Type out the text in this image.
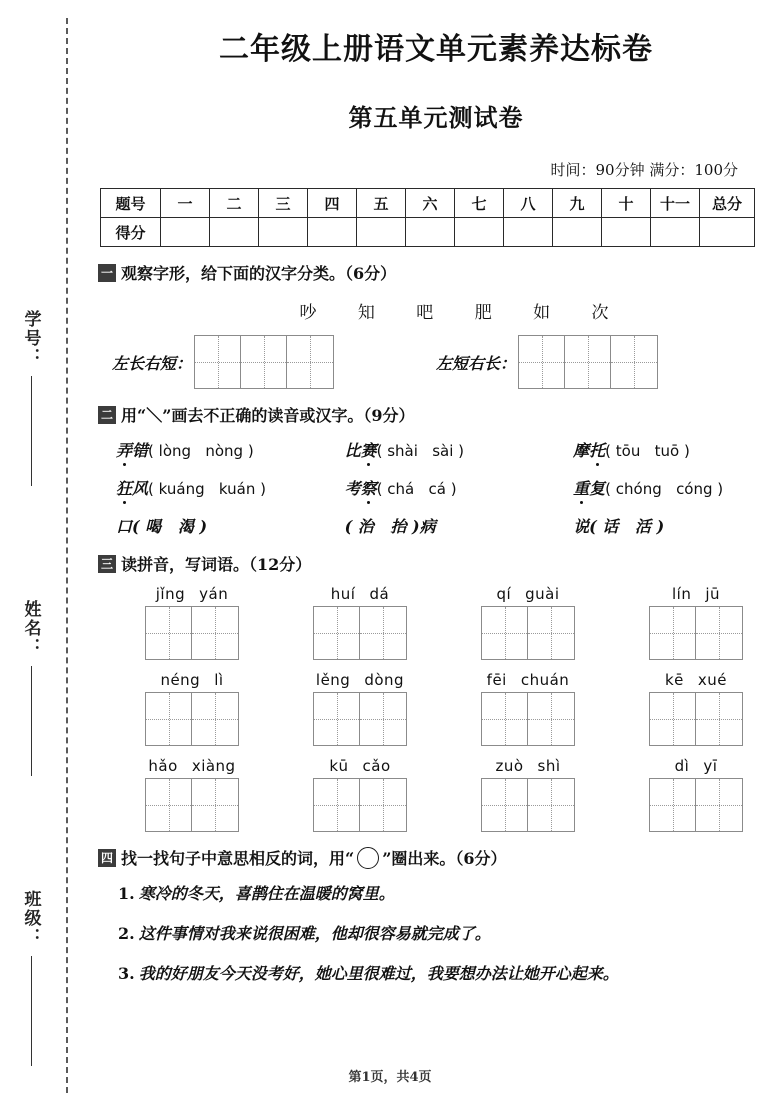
学号：
姓名：
班级：
二年级上册语文单元素养达标卷
第五单元测试卷

时间：90分钟 满分：100分

题号	一	二	三	四	五	六	七	八	九	十	十一	总分
得分												
一 观察字形，给下面的汉字分类。（6分）
吵 知 吧 肥 如 次
左长右短：	左短右长：
二 用“＼”画去不正确的读音或汉字。（9分）
弄错( lòng nòng )	比赛( shài sài )	摩托( tōu tuō )
狂风( kuáng kuán )	考察( chá cá )	重复( chóng cóng )
口( 喝 渴 )	( 治 抬 )病	说( 话 活 )
三 读拼音，写词语。（12分）
jǐng yán	huí dá	qí guài	lín jū
néng lì	lěng dòng	fēi chuán	kē xué
hǎo xiàng	kū cǎo	zuò shì	dì yī
四 找一找句子中意思相反的词，用“ ”圈出来。（6分）
1. 寒冷的冬天，喜鹊住在温暖的窝里。
2. 这件事情对我来说很困难，他却很容易就完成了。
3. 我的好朋友今天没考好，她心里很难过，我要想办法让她开心起来。
第1页，共4页
